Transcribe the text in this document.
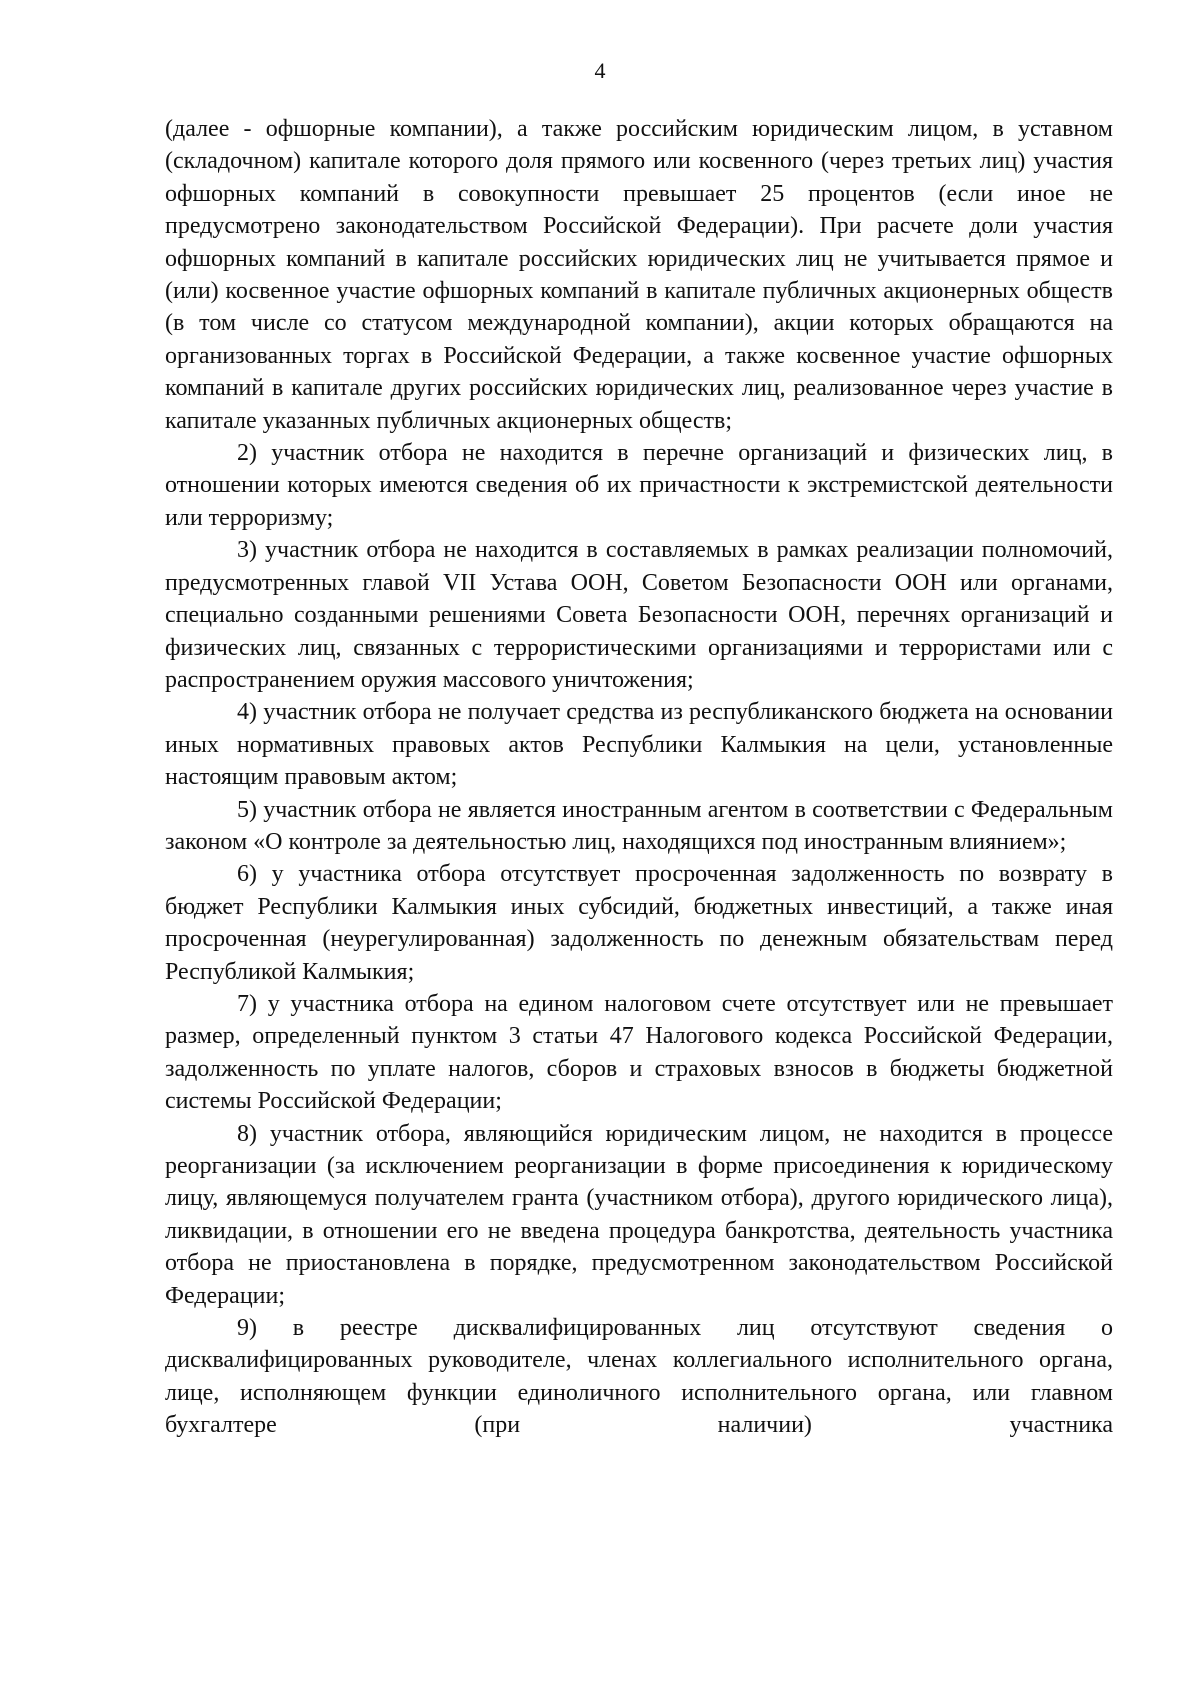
4

(далее - офшорные компании), а также российским юридическим лицом, в уставном (складочном) капитале которого доля прямого или косвенного (через третьих лиц) участия офшорных компаний в совокупности превышает 25 процентов (если иное не предусмотрено законодательством Российской Федерации). При расчете доли участия офшорных компаний в капитале российских юридических лиц не учитывается прямое и (или) косвенное участие офшорных компаний в капитале публичных акционерных обществ (в том числе со статусом международной компании), акции которых обращаются на организованных торгах в Российской Федерации, а также косвенное участие офшорных компаний в капитале других российских юридических лиц, реализованное через участие в капитале указанных публичных акционерных обществ;

2) участник отбора не находится в перечне организаций и физических лиц, в отношении которых имеются сведения об их причастности к экстремистской деятельности или терроризму;

3) участник отбора не находится в составляемых в рамках реализации полномочий, предусмотренных главой VII Устава ООН, Советом Безопасности ООН или органами, специально созданными решениями Совета Безопасности ООН, перечнях организаций и физических лиц, связанных с террористическими организациями и террористами или с распространением оружия массового уничтожения;

4) участник отбора не получает средства из республиканского бюджета на основании иных нормативных правовых актов Республики Калмыкия на цели, установленные настоящим правовым актом;

5) участник отбора не является иностранным агентом в соответствии с Федеральным законом «О контроле за деятельностью лиц, находящихся под иностранным влиянием»;

6) у участника отбора отсутствует просроченная задолженность по возврату в бюджет Республики Калмыкия иных субсидий, бюджетных инвестиций, а также иная просроченная (неурегулированная) задолженность по денежным обязательствам перед Республикой Калмыкия;

7) у участника отбора на едином налоговом счете отсутствует или не превышает размер, определенный пунктом 3 статьи 47 Налогового кодекса Российской Федерации, задолженность по уплате налогов, сборов и страховых взносов в бюджеты бюджетной системы Российской Федерации;

8) участник отбора, являющийся юридическим лицом, не находится в процессе реорганизации (за исключением реорганизации в форме присоединения к юридическому лицу, являющемуся получателем гранта (участником отбора), другого юридического лица), ликвидации, в отношении его не введена процедура банкротства, деятельность участника отбора не приостановлена в порядке, предусмотренном законодательством Российской Федерации;

9) в реестре дисквалифицированных лиц отсутствуют сведения о дисквалифицированных руководителе, членах коллегиального исполнительного органа, лице, исполняющем функции единоличного исполнительного органа, или главном бухгалтере (при наличии) участника
